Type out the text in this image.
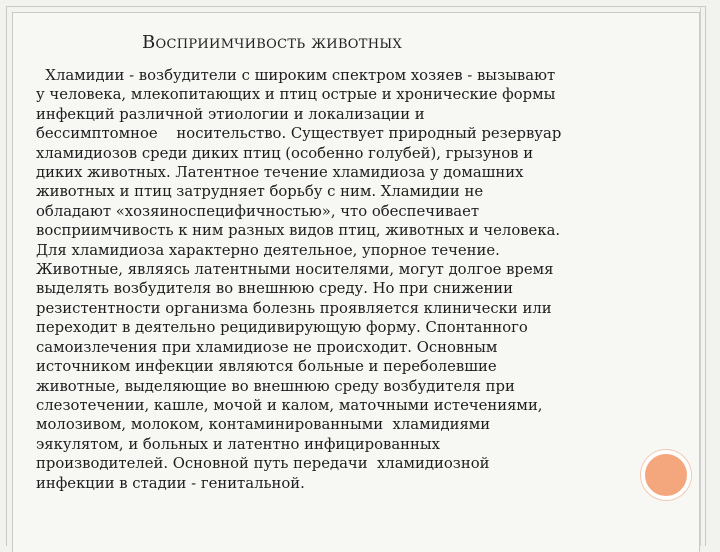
Восприимчивость животных

Хламидии - возбудители с широким спектром хозяев - вызывают
у человека, млекопитающих и птиц острые и хронические формы
инфекций различной этиологии и локализации и
бессимптомное    носительство. Существует природный резервуар
хламидиозов среди диких птиц (особенно голубей), грызунов и
диких животных. Латентное течение хламидиоза у домашних
животных и птиц затрудняет борьбу с ним. Хламидии не
обладают «хозяиноспецифичностью», что обеспечивает
восприимчивость к ним разных видов птиц, животных и человека.
Для хламидиоза характерно деятельное, упорное течение.
Животные, являясь латентными носителями, могут долгое время
выделять возбудителя во внешнюю среду. Но при снижении
резистентности организма болезнь проявляется клинически или
переходит в деятельно рецидивирующую форму. Спонтанного
самоизлечения при хламидиозе не происходит. Основным
источником инфекции являются больные и переболевшие
животные, выделяющие во внешнюю среду возбудителя при
слезотечении, кашле, мочой и калом, маточными истечениями,
молозивом, молоком, контаминированными  хламидиями
эякулятом, и больных и латентно инфицированных
производителей. Основной путь передачи  хламидиозной
инфекции в стадии - генитальной.
